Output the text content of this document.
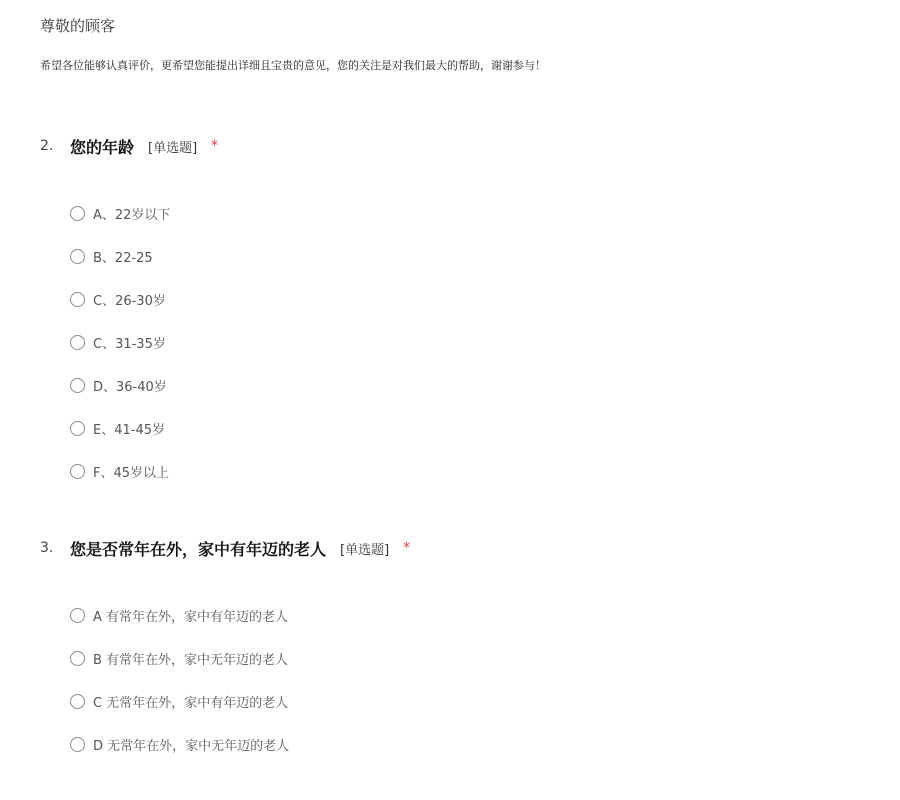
尊敬的顾客
希望各位能够认真评价，更希望您能提出详细且宝贵的意见，您的关注是对我们最大的帮助，谢谢参与！
2.	您的年龄 [单选题] *
A、22岁以下
B、22-25
C、26-30岁
C、31-35岁
D、36-40岁
E、41-45岁
F、45岁以上
3.	您是否常年在外，家中有年迈的老人 [单选题] *
A 有常年在外，家中有年迈的老人
B 有常年在外，家中无年迈的老人
C 无常年在外，家中有年迈的老人
D 无常年在外，家中无年迈的老人
